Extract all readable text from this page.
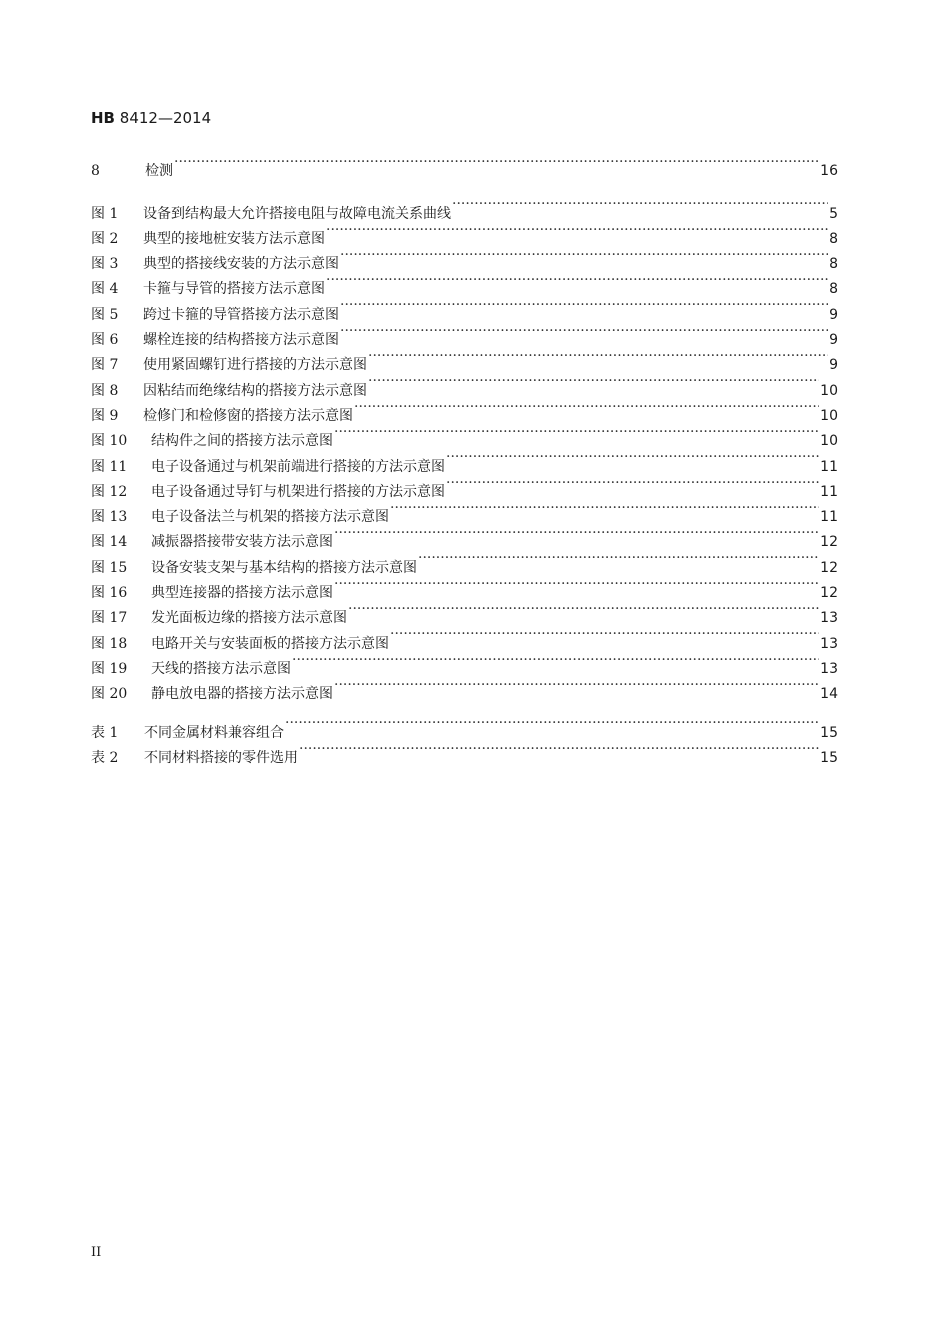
HB 8412—2014
8	检测 ·····	16
图 1	设备到结构最大允许搭接电阻与故障电流关系曲线 ·····	5
图 2	典型的接地桩安装方法示意图 ·····	8
图 3	典型的搭接线安装的方法示意图 ·····	8
图 4	卡箍与导管的搭接方法示意图 ·····	8
图 5	跨过卡箍的导管搭接方法示意图 ·····	9
图 6	螺栓连接的结构搭接方法示意图 ·····	9
图 7	使用紧固螺钉进行搭接的方法示意图 ·····	9
图 8	因粘结而绝缘结构的搭接方法示意图 ·····	10
图 9	检修门和检修窗的搭接方法示意图 ·····	10
图 10	结构件之间的搭接方法示意图 ·····	10
图 11	电子设备通过与机架前端进行搭接的方法示意图 ·····	11
图 12	电子设备通过导钉与机架进行搭接的方法示意图 ·····	11
图 13	电子设备法兰与机架的搭接方法示意图 ·····	11
图 14	减振器搭接带安装方法示意图 ·····	12
图 15	设备安装支架与基本结构的搭接方法示意图 ·····	12
图 16	典型连接器的搭接方法示意图 ·····	12
图 17	发光面板边缘的搭接方法示意图 ·····	13
图 18	电路开关与安装面板的搭接方法示意图 ·····	13
图 19	天线的搭接方法示意图 ·····	13
图 20	静电放电器的搭接方法示意图 ·····	14
表 1	不同金属材料兼容组合 ·····	15
表 2	不同材料搭接的零件选用 ·····	15
II
